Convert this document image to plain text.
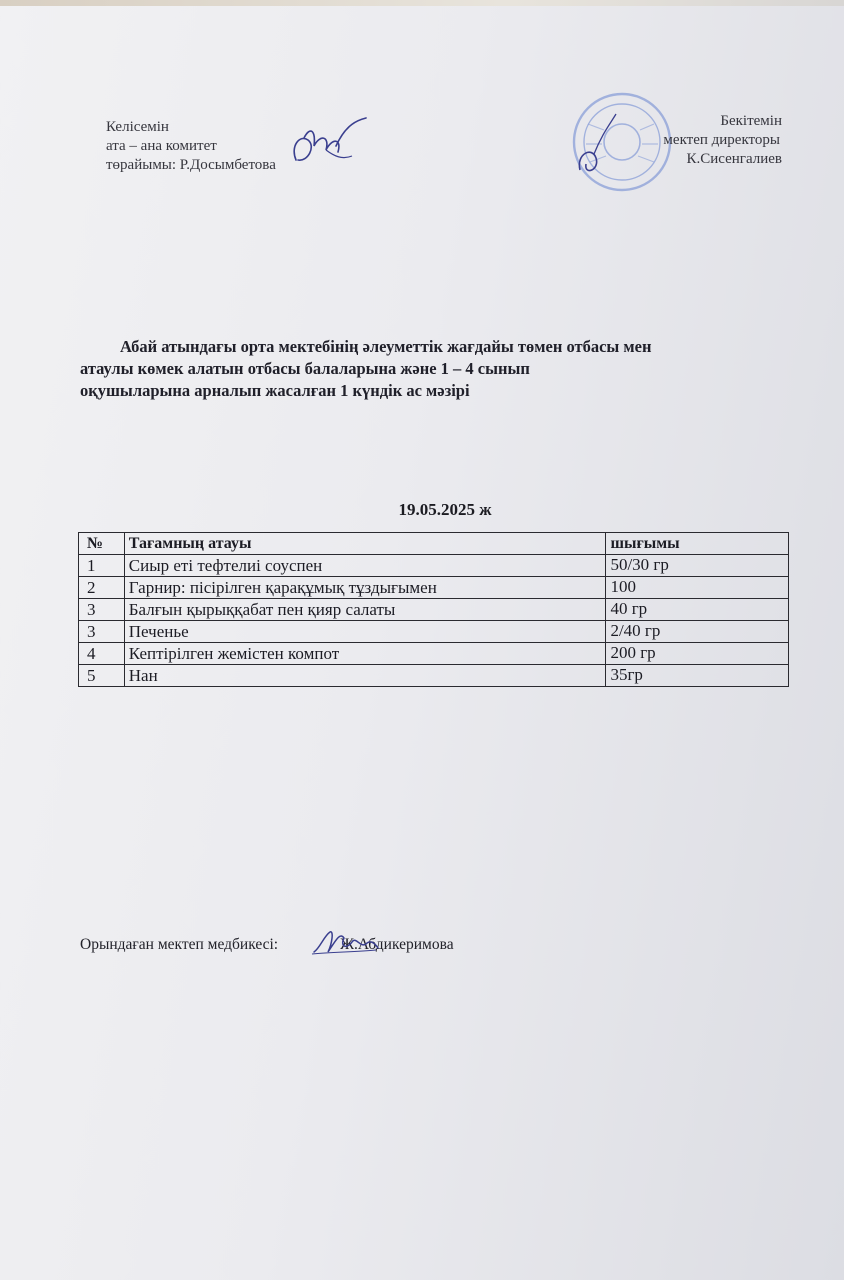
Келісемін
ата – ана комитет
төрайымы: Р.Досымбетова
Бекітемін
мектеп директоры
К.Сисенгалиев

Абай атындағы орта мектебінің әлеуметтік жағдайы төмен отбасы мен

атаулы көмек алатын отбасы балаларына және 1 – 4 сынып

оқушыларына арналып жасалған 1 күндік ас мәзірі

19.05.2025 ж
№	Тағамның атауы	шығымы
1	Сиыр еті тефтелиі соуспен	50/30 гр
2	Гарнир: пісірілген қарақұмық тұздығымен	100
3	Балғын қырыққабат пен қияр салаты	40 гр
3	Печенье	2/40 гр
4	Кептірілген жемістен компот	200 гр
5	Нан	35гр
Орындаған мектеп медбикесі:	Ж.Абдикеримова
